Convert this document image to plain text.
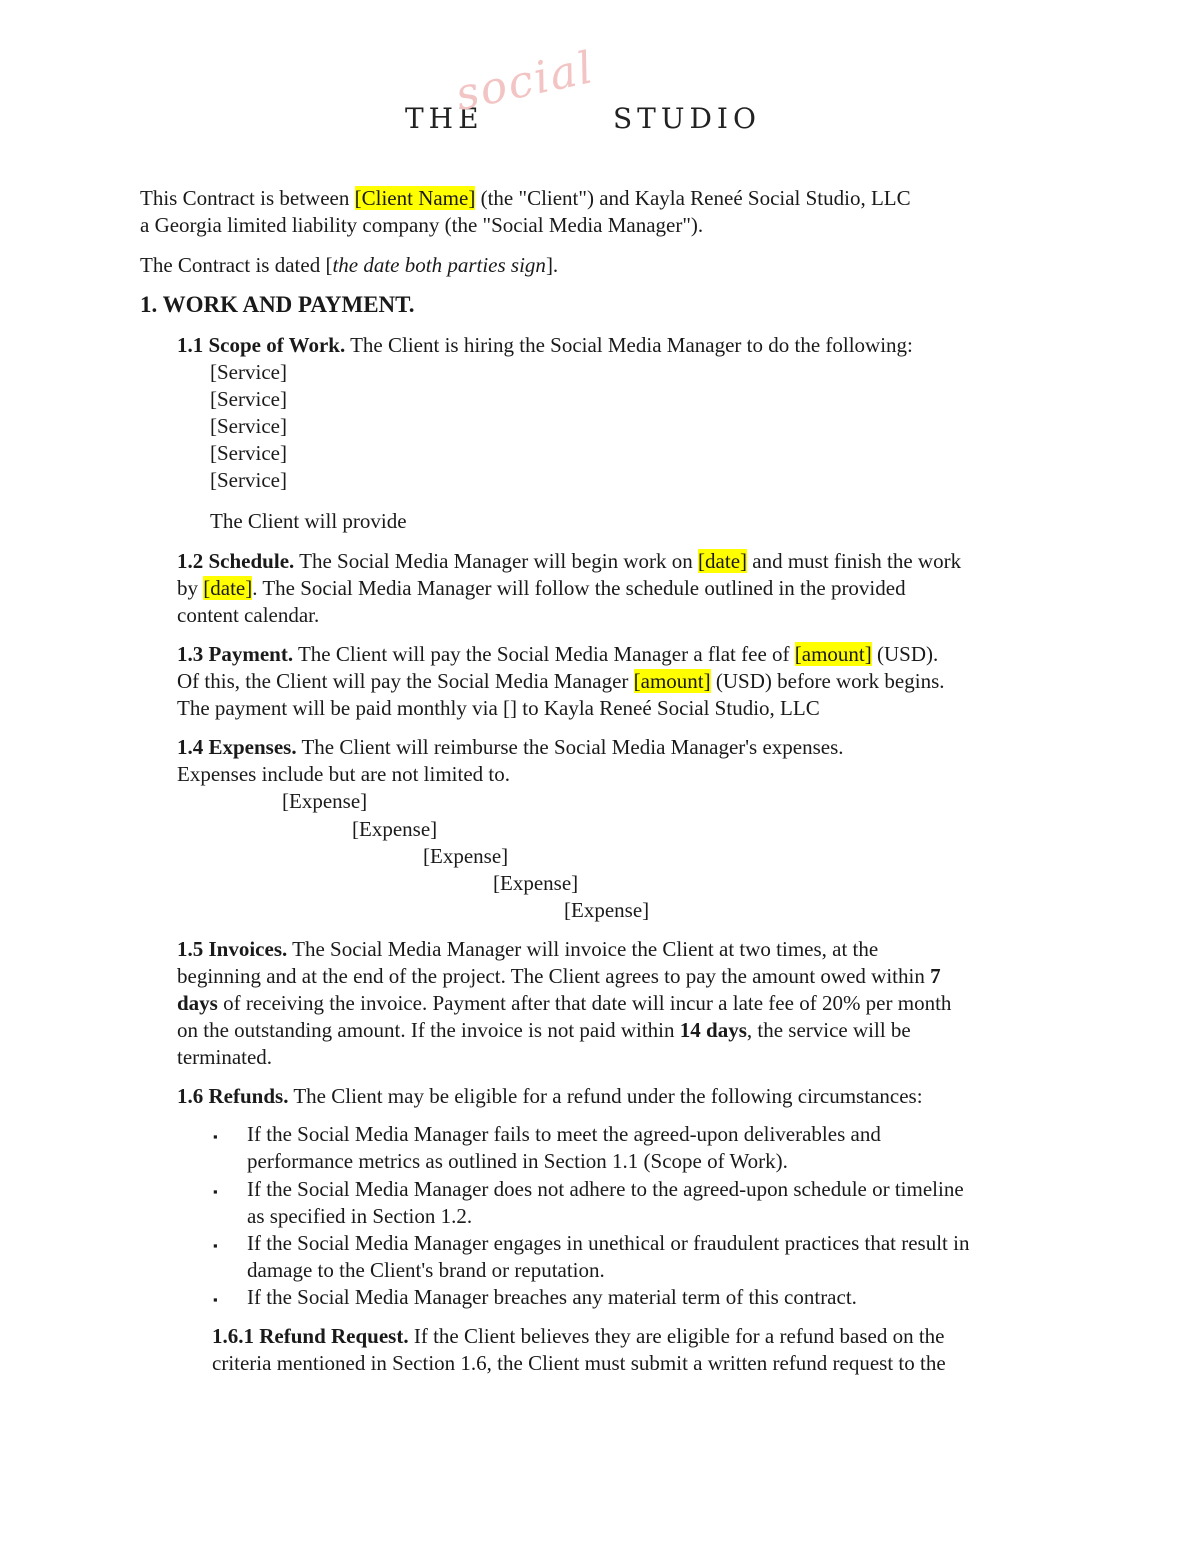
THE
social STUDIO
This Contract is between [Client Name] (the "Client") and Kayla Reneé Social Studio, LLC
a Georgia limited liability company (the "Social Media Manager").
The Contract is dated [the date both parties sign].
1. WORK AND PAYMENT.
1.1 Scope of Work. The Client is hiring the Social Media Manager to do the following:
[Service]
[Service]
[Service]
[Service]
[Service]
The Client will provide
1.2 Schedule. The Social Media Manager will begin work on [date] and must finish the work
by [date]. The Social Media Manager will follow the schedule outlined in the provided
content calendar.
1.3 Payment. The Client will pay the Social Media Manager a flat fee of [amount] (USD).
Of this, the Client will pay the Social Media Manager [amount] (USD) before work begins.
The payment will be paid monthly via [] to Kayla Reneé Social Studio, LLC
1.4 Expenses. The Client will reimburse the Social Media Manager's expenses.
Expenses include but are not limited to.
[Expense]
[Expense]
[Expense]
[Expense]
[Expense]
1.5 Invoices. The Social Media Manager will invoice the Client at two times, at the
beginning and at the end of the project. The Client agrees to pay the amount owed within 7
days of receiving the invoice. Payment after that date will incur a late fee of 20% per month
on the outstanding amount. If the invoice is not paid within 14 days, the service will be
terminated.
1.6 Refunds. The Client may be eligible for a refund under the following circumstances:
▪ If the Social Media Manager fails to meet the agreed-upon deliverables and
performance metrics as outlined in Section 1.1 (Scope of Work).
▪ If the Social Media Manager does not adhere to the agreed-upon schedule or timeline
as specified in Section 1.2.
▪ If the Social Media Manager engages in unethical or fraudulent practices that result in
damage to the Client's brand or reputation.
▪ If the Social Media Manager breaches any material term of this contract.
1.6.1 Refund Request. If the Client believes they are eligible for a refund based on the
criteria mentioned in Section 1.6, the Client must submit a written refund request to the
